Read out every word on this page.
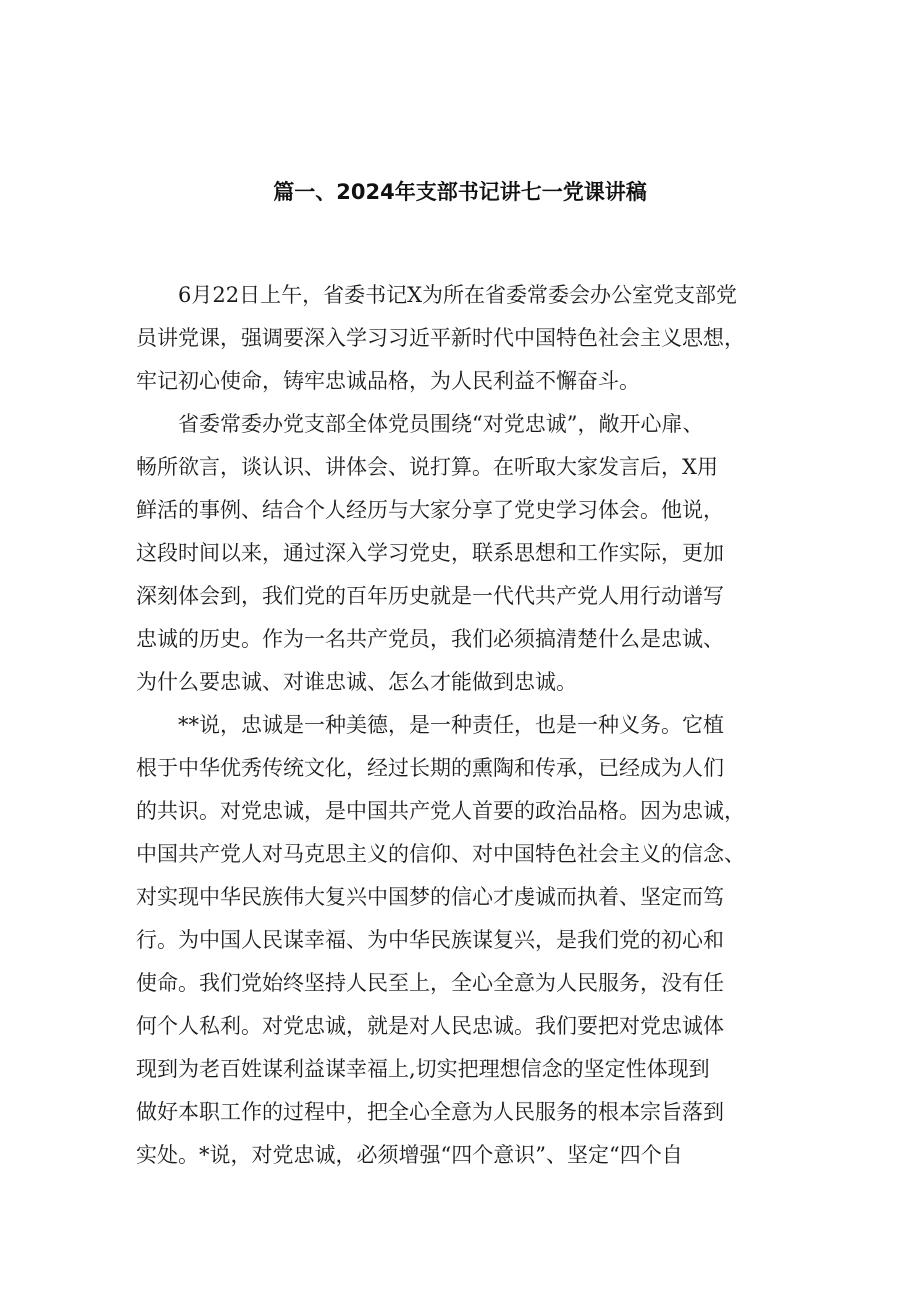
篇一、2024年支部书记讲七一党课讲稿
6月22日上午，省委书记X为所在省委常委会办公室党支部党
员讲党课，强调要深入学习习近平新时代中国特色社会主义思想，
牢记初心使命，铸牢忠诚品格，为人民利益不懈奋斗。
省委常委办党支部全体党员围绕“对党忠诚”，敞开心扉、
畅所欲言，谈认识、讲体会、说打算。在听取大家发言后，X用
鲜活的事例、结合个人经历与大家分享了党史学习体会。他说，
这段时间以来，通过深入学习党史，联系思想和工作实际，更加
深刻体会到，我们党的百年历史就是一代代共产党人用行动谱写
忠诚的历史。作为一名共产党员，我们必须搞清楚什么是忠诚、
为什么要忠诚、对谁忠诚、怎么才能做到忠诚。
**说，忠诚是一种美德，是一种责任，也是一种义务。它植
根于中华优秀传统文化，经过长期的熏陶和传承，已经成为人们
的共识。对党忠诚，是中国共产党人首要的政治品格。因为忠诚，
中国共产党人对马克思主义的信仰、对中国特色社会主义的信念、
对实现中华民族伟大复兴中国梦的信心才虔诚而执着、坚定而笃
行。为中国人民谋幸福、为中华民族谋复兴，是我们党的初心和
使命。我们党始终坚持人民至上，全心全意为人民服务，没有任
何个人私利。对党忠诚，就是对人民忠诚。我们要把对党忠诚体
现到为老百姓谋利益谋幸福上,切实把理想信念的坚定性体现到
做好本职工作的过程中，把全心全意为人民服务的根本宗旨落到
实处。*说，对党忠诚，必须增强“四个意识”、坚定“四个自
